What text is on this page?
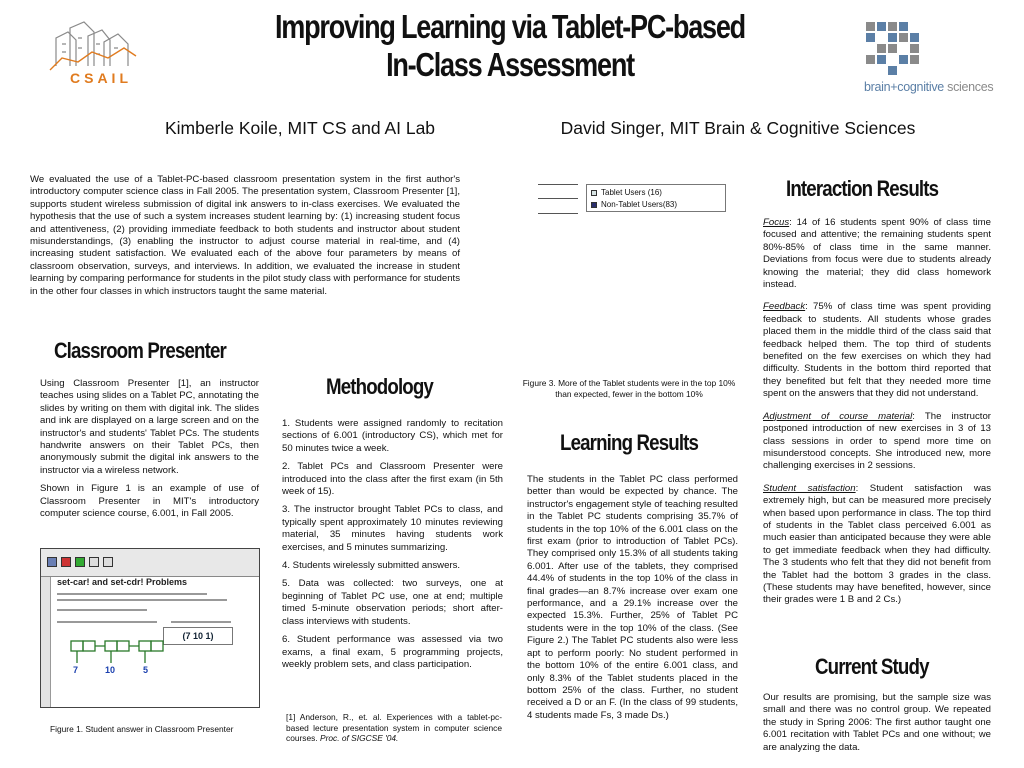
CSAIL
Improving Learning via Tablet-PC-based
In-Class Assessment
brain+cognitive sciences
Kimberle Koile, MIT CS and AI Lab	David Singer, MIT Brain & Cognitive Sciences
We evaluated the use of a Tablet-PC-based classroom presentation system in the first author's introductory computer science class in Fall 2005. The presentation system, Classroom Presenter [1], supports student wireless submission of digital ink answers to in-class exercises. We evaluated the hypothesis that the use of such a system increases student learning by: (1) increasing student focus and attentiveness, (2) providing immediate feedback to both students and instructor about student misunderstandings, (3) enabling the instructor to adjust course material in real-time, and (4) increasing student satisfaction. We evaluated each of the above four parameters by means of classroom observation, surveys, and interviews. In addition, we evaluated the increase in student learning by comparing performance for students in the pilot study class with performance for students in the other four classes in which instructors taught the same material.
Classroom Presenter

Using Classroom Presenter [1], an instructor teaches using slides on a Tablet PC, annotating the slides by writing on them with digital ink. The slides and ink are displayed on a large screen and on the instructor's and students' Tablet PCs. The students handwrite answers on their Tablet PCs, then anonymously submit the digital ink answers to the instructor via a wireless network.

Shown in Figure 1 is an example of use of Classroom Presenter in MIT's introductory computer science course, 6.001, in Fall 2005.

set-car! and set-cdr! Problems
(7 10 1)
7	10	5
Figure 1. Student answer in Classroom Presenter
Methodology

1. Students were assigned randomly to recitation sections of 6.001 (introductory CS), which met for 50 minutes twice a week.

2. Tablet PCs and Classroom Presenter were introduced into the class after the first exam (in 5th week of 15).

3. The instructor brought Tablet PCs to class, and typically spent approximately 10 minutes reviewing material, 35 minutes having students work exercises, and 5 minutes summarizing.

4. Students wirelessly submitted answers.

5. Data was collected: two surveys, one at beginning of Tablet PC use, one at end; multiple timed 5-minute observation periods; short after-class interviews with students.

6. Student performance was assessed via two exams, a final exam, 5 programming projects, weekly problem sets, and class participation.

[1] Anderson, R., et. al. Experiences with a tablet-pc-based lecture presentation system in computer science courses. Proc. of SIGCSE '04.
Tablet Users (16)
Non-Tablet Users(83)
Figure 3. More of the Tablet students were in the top 10%
than expected, fewer in the bottom 10%
Learning Results
The students in the Tablet PC class performed better than would be expected by chance. The instructor's engagement style of teaching resulted in the Tablet PC students comprising 35.7% of students in the top 10% of the 6.001 class on the first exam (prior to introduction of Tablet PCs). They comprised only 15.3% of all students taking 6.001. After use of the tablets, they comprised 44.4% of students in the top 10% of the class in final grades—an 8.7% increase over exam one performance, and a 29.1% increase over the expected 15.3%. Further, 25% of Tablet PC students were in the top 10% of the class. (See Figure 2.) The Tablet PC students also were less apt to perform poorly: No student performed in the bottom 10% of the entire 6.001 class, and only 8.3% of the Tablet students placed in the bottom 25% of the class. Further, no student received a D or an F. (In the class of 99 students, 4 students made Fs, 3 made Ds.)
Interaction Results

Focus: 14 of 16 students spent 90% of class time focused and attentive; the remaining students spent 80%-85% of class time in the same manner. Deviations from focus were due to students already knowing the material; they did class homework instead.

Feedback: 75% of class time was spent providing feedback to students. All students whose grades placed them in the middle third of the class said that feedback helped them. The top third of students benefited on the few exercises on which they had difficulty. Students in the bottom third reported that they benefited but felt that they needed more time spent on the answers that they did not understand.

Adjustment of course material: The instructor postponed introduction of new exercises in 3 of 13 class sessions in order to spend more time on misunderstood concepts. She introduced new, more challenging exercises in 2 sessions.

Student satisfaction: Student satisfaction was extremely high, but can be measured more precisely when based upon performance in class. The top third of students in the Tablet class perceived 6.001 as much easier than anticipated because they were able to get immediate feedback when they had difficulty. The 3 students who felt that they did not benefit from the Tablet had the bottom 3 grades in the class. (These students may have benefited, however, since their grades were 1 B and 2 Cs.)

Current Study
Our results are promising, but the sample size was small and there was no control group. We repeated the study in Spring 2006: The first author taught one 6.001 recitation with Tablet PCs and one without; we are analyzing the data.
